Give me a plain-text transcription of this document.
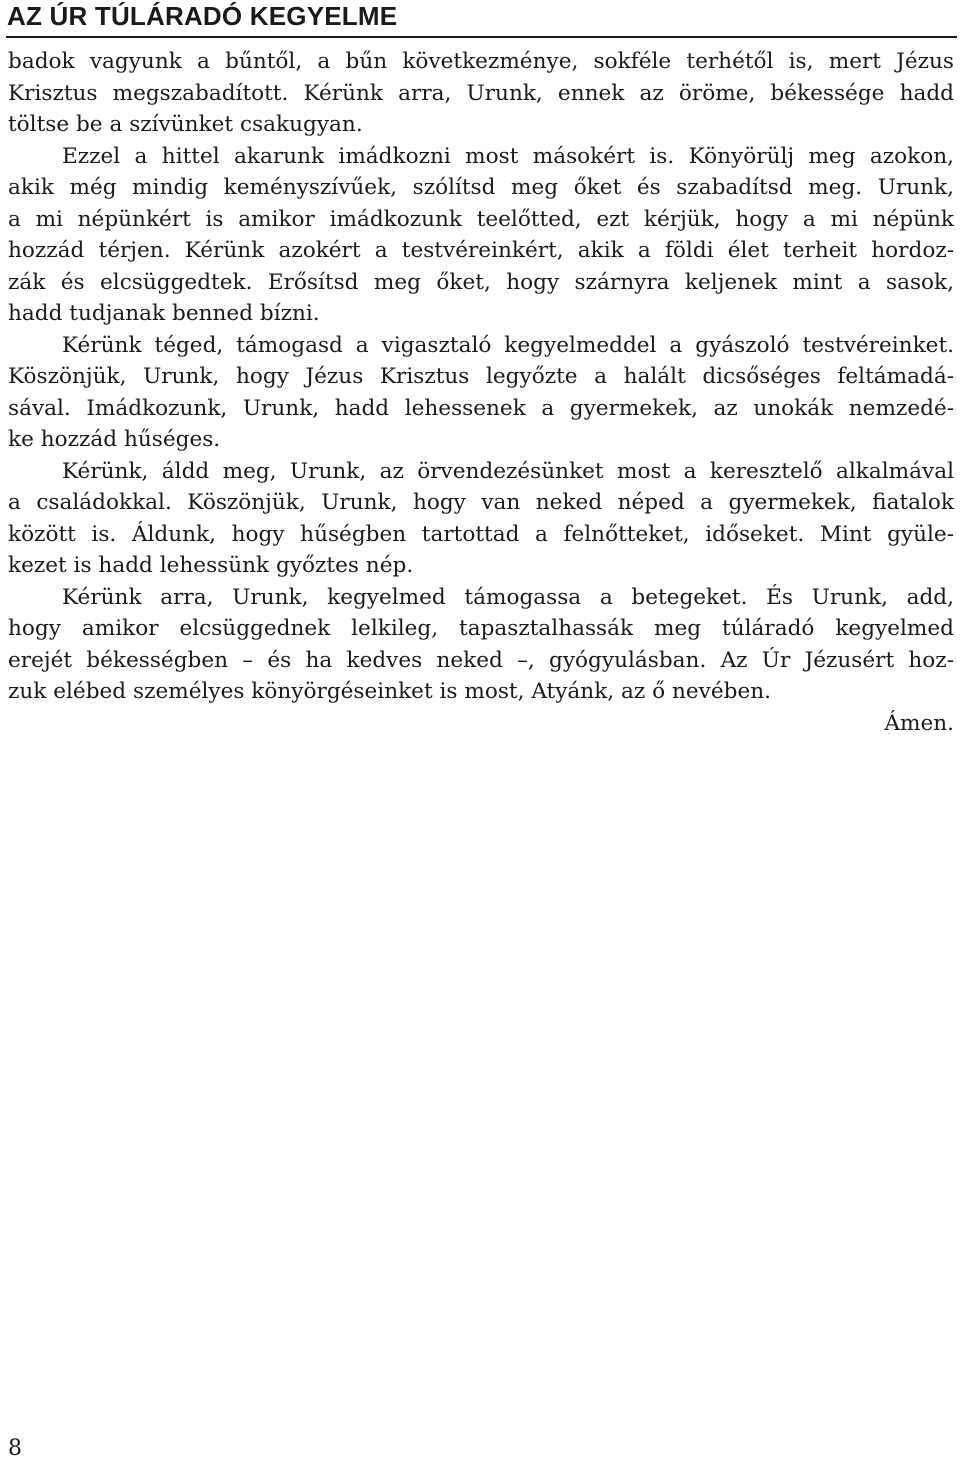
AZ ÚR TÚLÁRADÓ KEGYELME
badok vagyunk a bűntől, a bűn következménye, sokféle terhétől is, mert Jézus
Krisztus megszabadított. Kérünk arra, Urunk, ennek az öröme, békessége hadd
töltse be a szívünket csakugyan.
Ezzel a hittel akarunk imádkozni most másokért is. Könyörülj meg azokon,
akik még mindig keményszívűek, szólítsd meg őket és szabadítsd meg. Urunk,
a mi népünkért is amikor imádkozunk teelőtted, ezt kérjük, hogy a mi népünk
hozzád térjen. Kérünk azokért a testvéreinkért, akik a földi élet terheit hordoz-
zák és elcsüggedtek. Erősítsd meg őket, hogy szárnyra keljenek mint a sasok,
hadd tudjanak benned bízni.
Kérünk téged, támogasd a vigasztaló kegyelmeddel a gyászoló testvéreinket.
Köszönjük, Urunk, hogy Jézus Krisztus legyőzte a halált dicsőséges feltámadá-
sával. Imádkozunk, Urunk, hadd lehessenek a gyermekek, az unokák nemzedé-
ke hozzád hűséges.
Kérünk, áldd meg, Urunk, az örvendezésünket most a keresztelő alkalmával
a családokkal. Köszönjük, Urunk, hogy van neked néped a gyermekek, fiatalok
között is. Áldunk, hogy hűségben tartottad a felnőtteket, időseket. Mint gyüle-
kezet is hadd lehessünk győztes nép.
Kérünk arra, Urunk, kegyelmed támogassa a betegeket. És Urunk, add,
hogy amikor elcsüggednek lelkileg, tapasztalhassák meg túláradó kegyelmed
erejét békességben – és ha kedves neked –, gyógyulásban. Az Úr Jézusért hoz-
zuk elébed személyes könyörgéseinket is most, Atyánk, az ő nevében.
Ámen.
8
